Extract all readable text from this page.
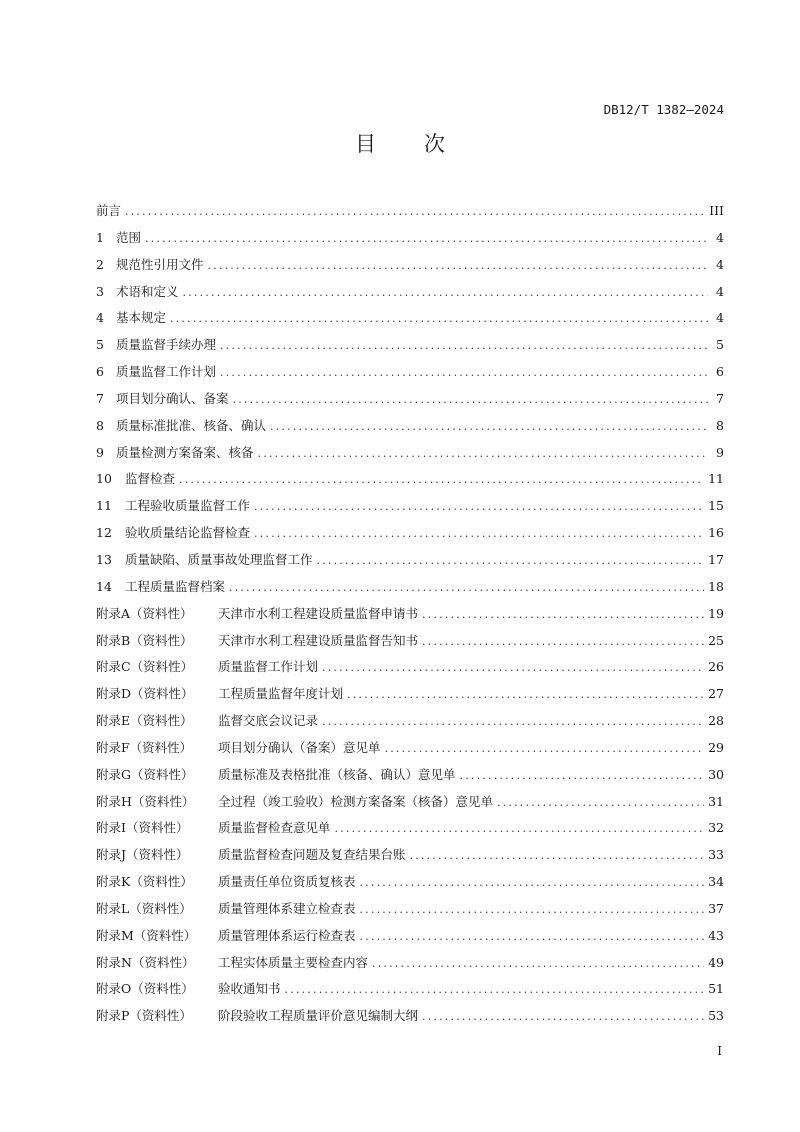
DB12/T 1382—2024
目 次
前言 .....	III
1 范围 .....	4
2 规范性引用文件 .....	4
3 术语和定义 .....	4
4 基本规定 .....	4
5 质量监督手续办理 .....	5
6 质量监督工作计划 .....	6
7 项目划分确认、备案 .....	7
8 质量标准批准、核备、确认 .....	8
9 质量检测方案备案、核备 .....	9
10	监督检查 .....	11
11	工程验收质量监督工作 .....	15
12	验收质量结论监督检查 .....	16
13	质量缺陷、质量事故处理监督工作 .....	17
14	工程质量监督档案 .....	18
附录A（资料性）	天津市水利工程建设质量监督申请书 .....	19
附录B（资料性）	天津市水利工程建设质量监督告知书 .....	25
附录C（资料性）	质量监督工作计划 .....	26
附录D（资料性）	工程质量监督年度计划 .....	27
附录E（资料性）	监督交底会议记录 .....	28
附录F（资料性）	项目划分确认（备案）意见单 .....	29
附录G（资料性）	质量标准及表格批准（核备、确认）意见单 .....	30
附录H（资料性）	全过程（竣工验收）检测方案备案（核备）意见单 .....	31
附录I（资料性）	质量监督检查意见单 .....	32
附录J（资料性）	质量监督检查问题及复查结果台账 .....	33
附录K（资料性）	质量责任单位资质复核表 .....	34
附录L（资料性）	质量管理体系建立检查表 .....	37
附录M（资料性）	质量管理体系运行检查表 .....	43
附录N（资料性）	工程实体质量主要检查内容 .....	49
附录O（资料性）	验收通知书 .....	51
附录P（资料性）	阶段验收工程质量评价意见编制大纲 .....	53
I
